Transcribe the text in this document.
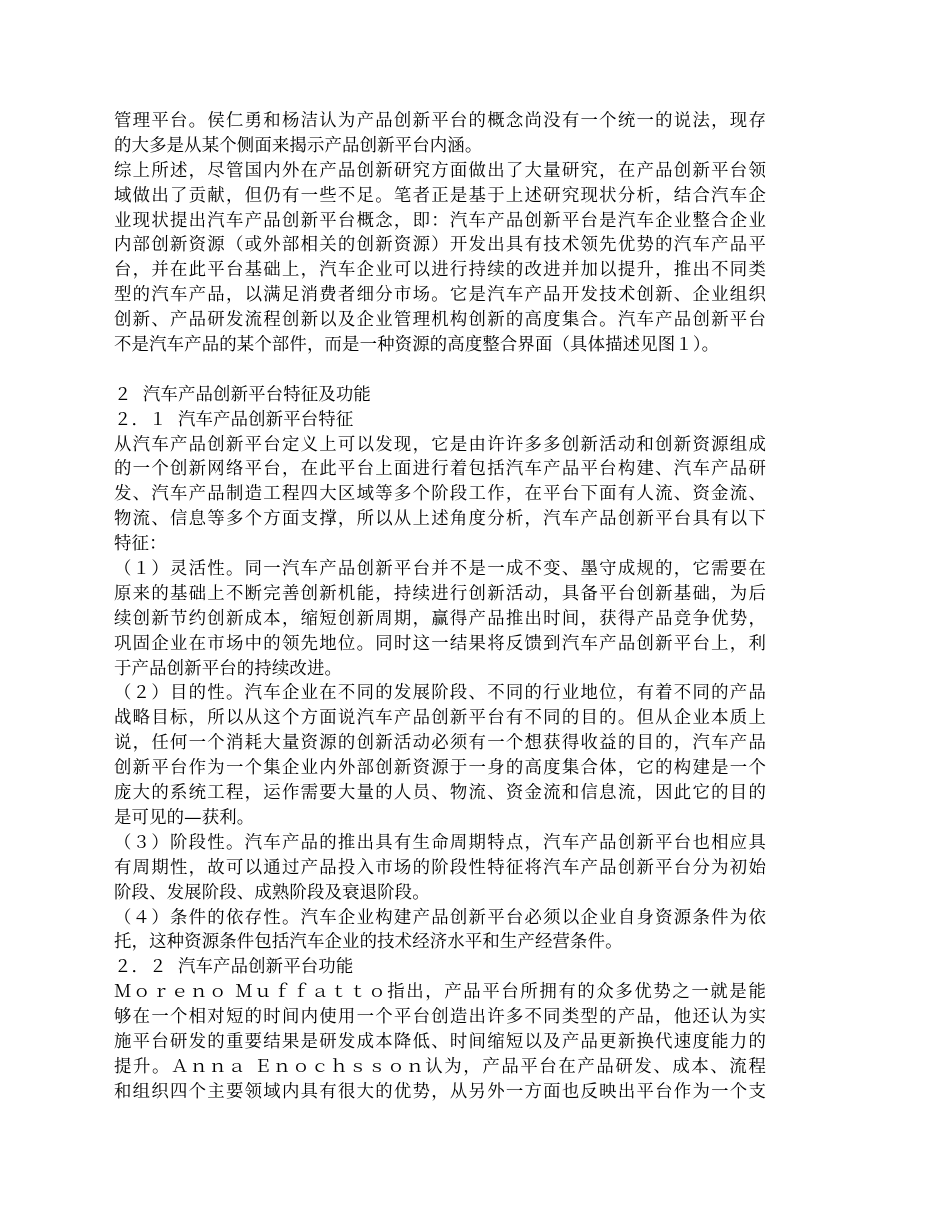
管理平台。侯仁勇和杨洁认为产品创新平台的概念尚没有一个统一的说法，现存
的大多是从某个侧面来揭示产品创新平台内涵。
综上所述，尽管国内外在产品创新研究方面做出了大量研究，在产品创新平台领
域做出了贡献，但仍有一些不足。笔者正是基于上述研究现状分析，结合汽车企
业现状提出汽车产品创新平台概念，即：汽车产品创新平台是汽车企业整合企业
内部创新资源（或外部相关的创新资源）开发出具有技术领先优势的汽车产品平
台，并在此平台基础上，汽车企业可以进行持续的改进并加以提升，推出不同类
型的汽车产品，以满足消费者细分市场。它是汽车产品开发技术创新、企业组织
创新、产品研发流程创新以及企业管理机构创新的高度集合。汽车产品创新平台
不是汽车产品的某个部件，而是一种资源的高度整合界面（具体描述见图１）。
２  汽车产品创新平台特征及功能
２．１  汽车产品创新平台特征
从汽车产品创新平台定义上可以发现，它是由许许多多创新活动和创新资源组成
的一个创新网络平台，在此平台上面进行着包括汽车产品平台构建、汽车产品研
发、汽车产品制造工程四大区域等多个阶段工作，在平台下面有人流、资金流、
物流、信息等多个方面支撑，所以从上述角度分析，汽车产品创新平台具有以下
特征：
（１）灵活性。同一汽车产品创新平台并不是一成不变、墨守成规的，它需要在
原来的基础上不断完善创新机能，持续进行创新活动，具备平台创新基础，为后
续创新节约创新成本，缩短创新周期，赢得产品推出时间，获得产品竞争优势，
巩固企业在市场中的领先地位。同时这一结果将反馈到汽车产品创新平台上，利
于产品创新平台的持续改进。
（２）目的性。汽车企业在不同的发展阶段、不同的行业地位，有着不同的产品
战略目标，所以从这个方面说汽车产品创新平台有不同的目的。但从企业本质上
说，任何一个消耗大量资源的创新活动必须有一个想获得收益的目的，汽车产品
创新平台作为一个集企业内外部创新资源于一身的高度集合体，它的构建是一个
庞大的系统工程，运作需要大量的人员、物流、资金流和信息流，因此它的目的
是可见的—获利。
（３）阶段性。汽车产品的推出具有生命周期特点，汽车产品创新平台也相应具
有周期性，故可以通过产品投入市场的阶段性特征将汽车产品创新平台分为初始
阶段、发展阶段、成熟阶段及衰退阶段。
（４）条件的依存性。汽车企业构建产品创新平台必须以企业自身资源条件为依
托，这种资源条件包括汽车企业的技术经济水平和生产经营条件。
２．２  汽车产品创新平台功能
Ｍｏｒｅｎｏ Ｍｕｆｆａｔｔｏ指出，产品平台所拥有的众多优势之一就是能
够在一个相对短的时间内使用一个平台创造出许多不同类型的产品，他还认为实
施平台研发的重要结果是研发成本降低、时间缩短以及产品更新换代速度能力的
提升。Ａｎｎａ Ｅｎｏｃｈｓｓｏｎ认为，产品平台在产品研发、成本、流程
和组织四个主要领域内具有很大的优势，从另外一方面也反映出平台作为一个支
